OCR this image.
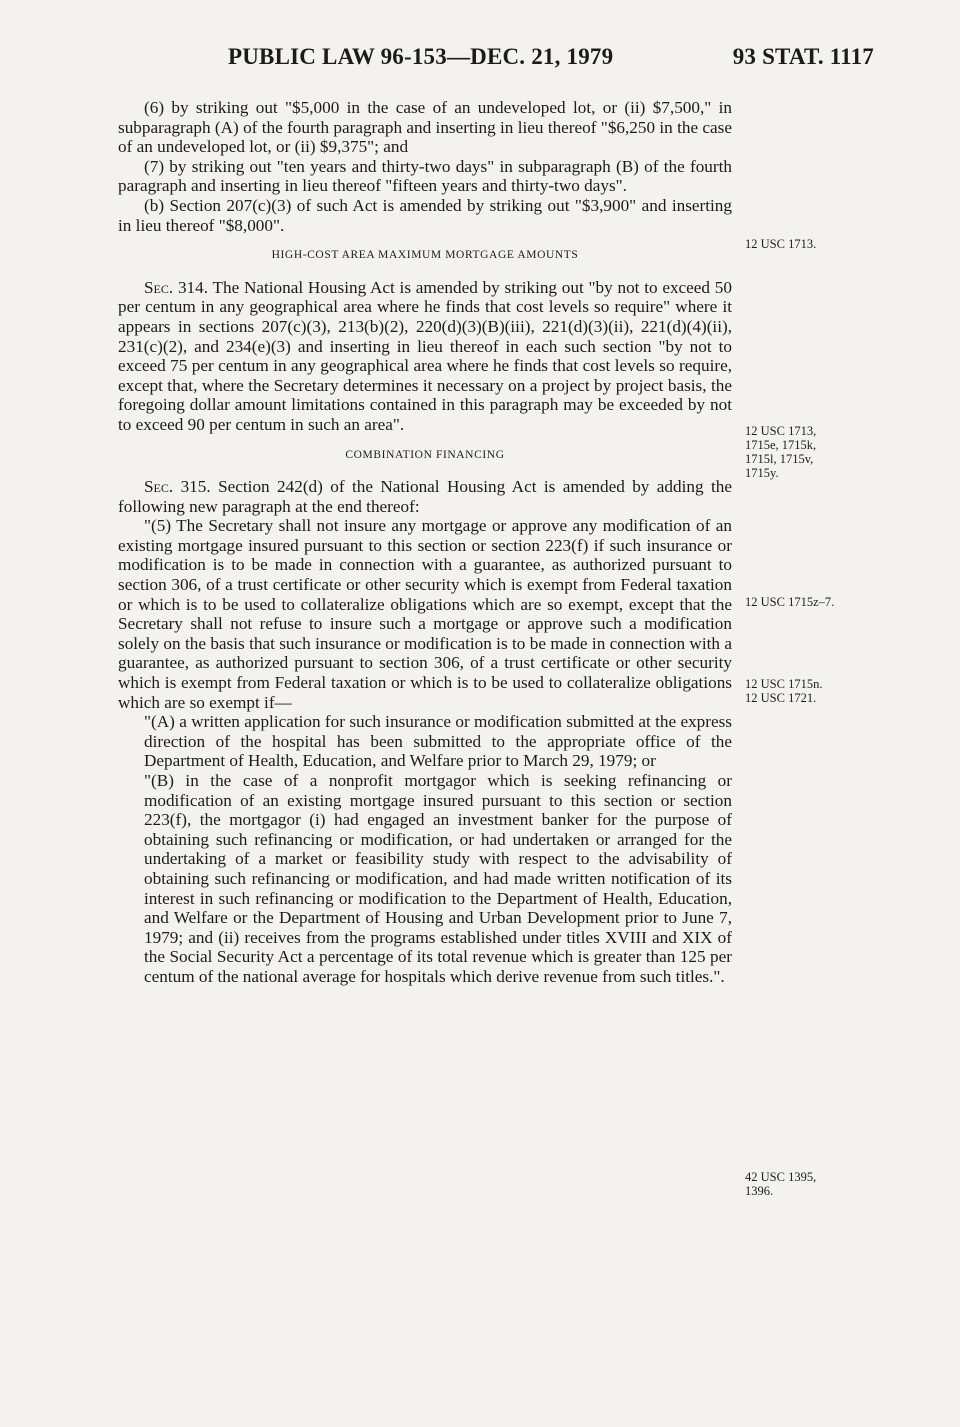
PUBLIC LAW 96-153—DEC. 21, 1979	93 STAT. 1117

(6) by striking out "$5,000 in the case of an undeveloped lot, or (ii) $7,500," in subparagraph (A) of the fourth paragraph and inserting in lieu thereof "$6,250 in the case of an undeveloped lot, or (ii) $9,375"; and

(7) by striking out "ten years and thirty-two days" in subparagraph (B) of the fourth paragraph and inserting in lieu thereof "fifteen years and thirty-two days".

(b) Section 207(c)(3) of such Act is amended by striking out "$3,900" and inserting in lieu thereof "$8,000".

HIGH-COST AREA MAXIMUM MORTGAGE AMOUNTS

Sec. 314. The National Housing Act is amended by striking out "by not to exceed 50 per centum in any geographical area where he finds that cost levels so require" where it appears in sections 207(c)(3), 213(b)(2), 220(d)(3)(B)(iii), 221(d)(3)(ii), 221(d)(4)(ii), 231(c)(2), and 234(e)(3) and inserting in lieu thereof in each such section "by not to exceed 75 per centum in any geographical area where he finds that cost levels so require, except that, where the Secretary determines it necessary on a project by project basis, the foregoing dollar amount limitations contained in this paragraph may be exceeded by not to exceed 90 per centum in such an area".

COMBINATION FINANCING

Sec. 315. Section 242(d) of the National Housing Act is amended by adding the following new paragraph at the end thereof:

"(5) The Secretary shall not insure any mortgage or approve any modification of an existing mortgage insured pursuant to this section or section 223(f) if such insurance or modification is to be made in connection with a guarantee, as authorized pursuant to section 306, of a trust certificate or other security which is exempt from Federal taxation or which is to be used to collateralize obligations which are so exempt, except that the Secretary shall not refuse to insure such a mortgage or approve such a modification solely on the basis that such insurance or modification is to be made in connection with a guarantee, as authorized pursuant to section 306, of a trust certificate or other security which is exempt from Federal taxation or which is to be used to collateralize obligations which are so exempt if—

"(A) a written application for such insurance or modification submitted at the express direction of the hospital has been submitted to the appropriate office of the Department of Health, Education, and Welfare prior to March 29, 1979; or

"(B) in the case of a nonprofit mortgagor which is seeking refinancing or modification of an existing mortgage insured pursuant to this section or section 223(f), the mortgagor (i) had engaged an investment banker for the purpose of obtaining such refinancing or modification, or had undertaken or arranged for the undertaking of a market or feasibility study with respect to the advisability of obtaining such refinancing or modification, and had made written notification of its interest in such refinancing or modification to the Department of Health, Education, and Welfare or the Department of Housing and Urban Development prior to June 7, 1979; and (ii) receives from the programs established under titles XVIII and XIX of the Social Security Act a percentage of its total revenue which is greater than 125 per centum of the national average for hospitals which derive revenue from such titles.".

12 USC 1713.
12 USC 1713,
1715e, 1715k,
1715l, 1715v,
1715y.
12 USC 1715z–7.
12 USC 1715n.
12 USC 1721.
42 USC 1395,
1396.
